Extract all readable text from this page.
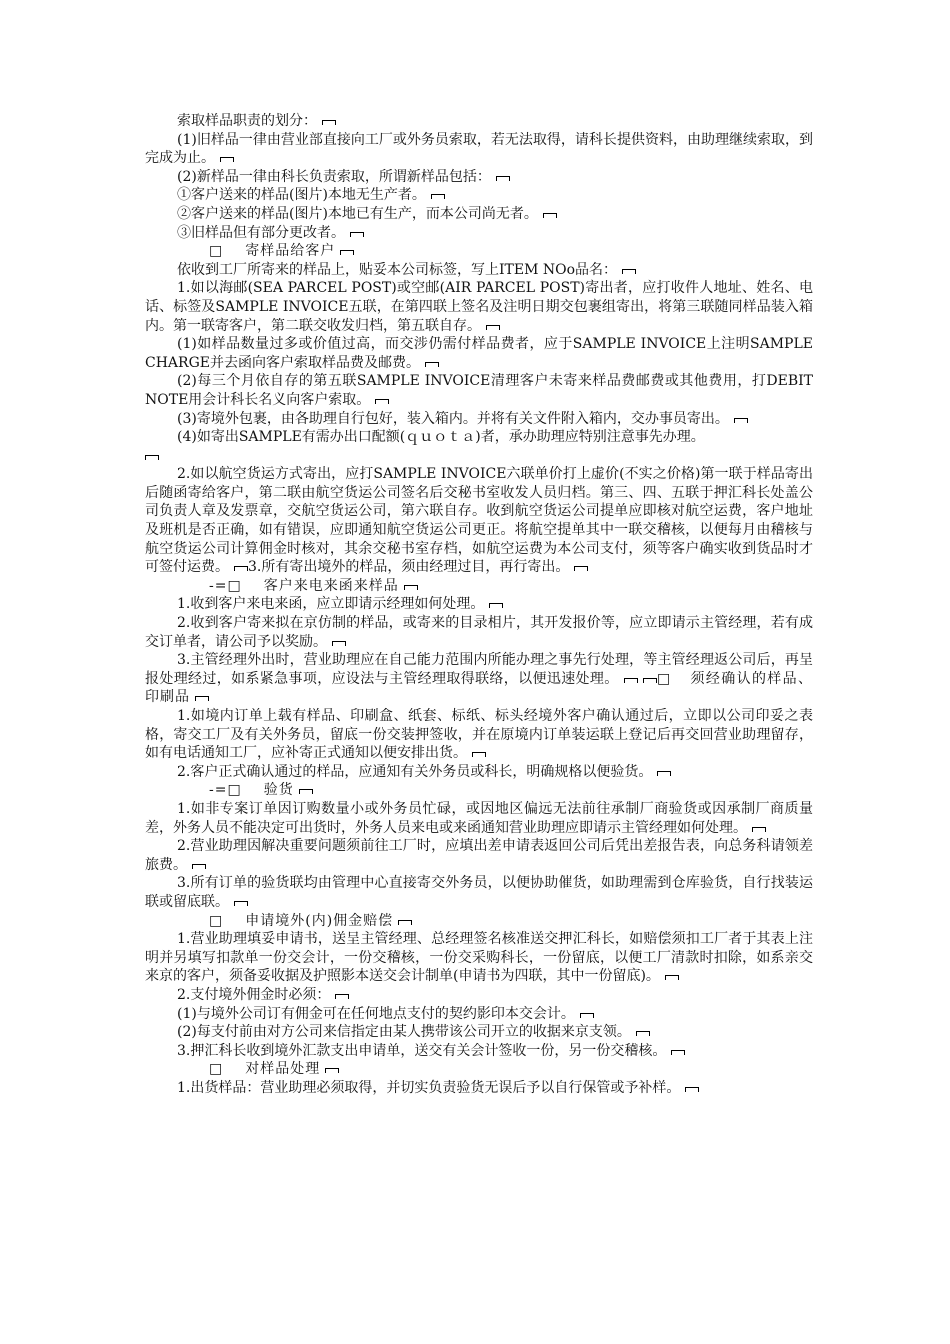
索取样品职责的划分：

(1)旧样品一律由营业部直接向工厂或外务员索取，若无法取得，请科长提供资料，由助理继续索取，到完成为止。

(2)新样品一律由科长负责索取，所谓新样品包括：

①客户送来的样品(图片)本地无生产者。

②客户送来的样品(图片)本地已有生产，而本公司尚无者。

③旧样品但有部分更改者。

□ 寄样品给客户

依收到工厂所寄来的样品上，贴妥本公司标签，写上ITEM NOo品名：

1.如以海邮(SEA PARCEL POST)或空邮(AIR PARCEL POST)寄出者，应打收件人地址、姓名、电话、标签及SAMPLE INVOICE五联，在第四联上签名及注明日期交包裹组寄出，将第三联随同样品装入箱内。第一联寄客户，第二联交收发归档，第五联自存。

(1)如样品数量过多或价值过高，而交涉仍需付样品费者，应于SAMPLE INVOICE上注明SAMPLE CHARGE并去函向客户索取样品费及邮费。

(2)每三个月依自存的第五联SAMPLE INVOICE清理客户未寄来样品费邮费或其他费用，打DEBIT NOTE用会计科长名义向客户索取。

(3)寄境外包裹，由各助理自行包好，装入箱内。并将有关文件附入箱内，交办事员寄出。

(4)如寄出SAMPLE有需办出口配额(ｑｕｏｔａ)者，承办助理应特别注意事先办理。

2.如以航空货运方式寄出，应打SAMPLE INVOICE六联单价打上虚价(不实之价格)第一联于样品寄出后随函寄给客户，第二联由航空货运公司签名后交秘书室收发人员归档。第三、四、五联于押汇科长处盖公司负责人章及发票章，交航空货运公司，第六联自存。收到航空货运公司提单应即核对航空运费，客户地址及班机是否正确，如有错误，应即通知航空货运公司更正。将航空提单其中一联交稽核，以便每月由稽核与航空货运公司计算佣金时核对，其余交秘书室存档，如航空运费为本公司支付，须等客户确实收到货品时才可签付运费。 3.所有寄出境外的样品，须由经理过目，再行寄出。

-=□ 客户来电来函来样品

1.收到客户来电来函，应立即请示经理如何处理。

2.收到客户寄来拟在京仿制的样品，或寄来的目录相片，其开发报价等，应立即请示主管经理，若有成交订单者，请公司予以奖励。

3.主管经理外出时，营业助理应在自己能力范围内所能办理之事先行处理，等主管经理返公司后，再呈报处理经过，如系紧急事项，应设法与主管经理取得联络，以便迅速处理。	□ 须经确认的样品、印刷品

1.如境内订单上载有样品、印刷盒、纸套、标纸、标头经境外客户确认通过后，立即以公司印妥之表格，寄交工厂及有关外务员，留底一份交装押签收，并在原境内订单装运联上登记后再交回营业助理留存，如有电话通知工厂，应补寄正式通知以便安排出货。

2.客户正式确认通过的样品，应通知有关外务员或科长，明确规格以便验货。

-=□ 验货

1.如非专案订单因订购数量小或外务员忙碌，或因地区偏远无法前往承制厂商验货或因承制厂商质量差，外务人员不能决定可出货时，外务人员来电或来函通知营业助理应即请示主管经理如何处理。

2.营业助理因解决重要问题须前往工厂时，应填出差申请表返回公司后凭出差报告表，向总务科请领差旅费。

3.所有订单的验货联均由管理中心直接寄交外务员，以便协助催货，如助理需到仓库验货，自行找装运联或留底联。

□ 申请境外(内)佣金赔偿

1.营业助理填妥申请书，送呈主管经理、总经理签名核准送交押汇科长，如赔偿须扣工厂者于其表上注明并另填写扣款单一份交会计，一份交稽核，一份交采购科长，一份留底，以便工厂清款时扣除，如系亲交来京的客户，须备妥收据及护照影本送交会计制单(申请书为四联，其中一份留底)。

2.支付境外佣金时必须：

(1)与境外公司订有佣金可在任何地点支付的契约影印本交会计。

(2)每支付前由对方公司来信指定由某人携带该公司开立的收据来京支领。

3.押汇科长收到境外汇款支出申请单，送交有关会计签收一份，另一份交稽核。

□ 对样品处理

1.出货样品：营业助理必须取得，并切实负责验货无误后予以自行保管或予补样。
